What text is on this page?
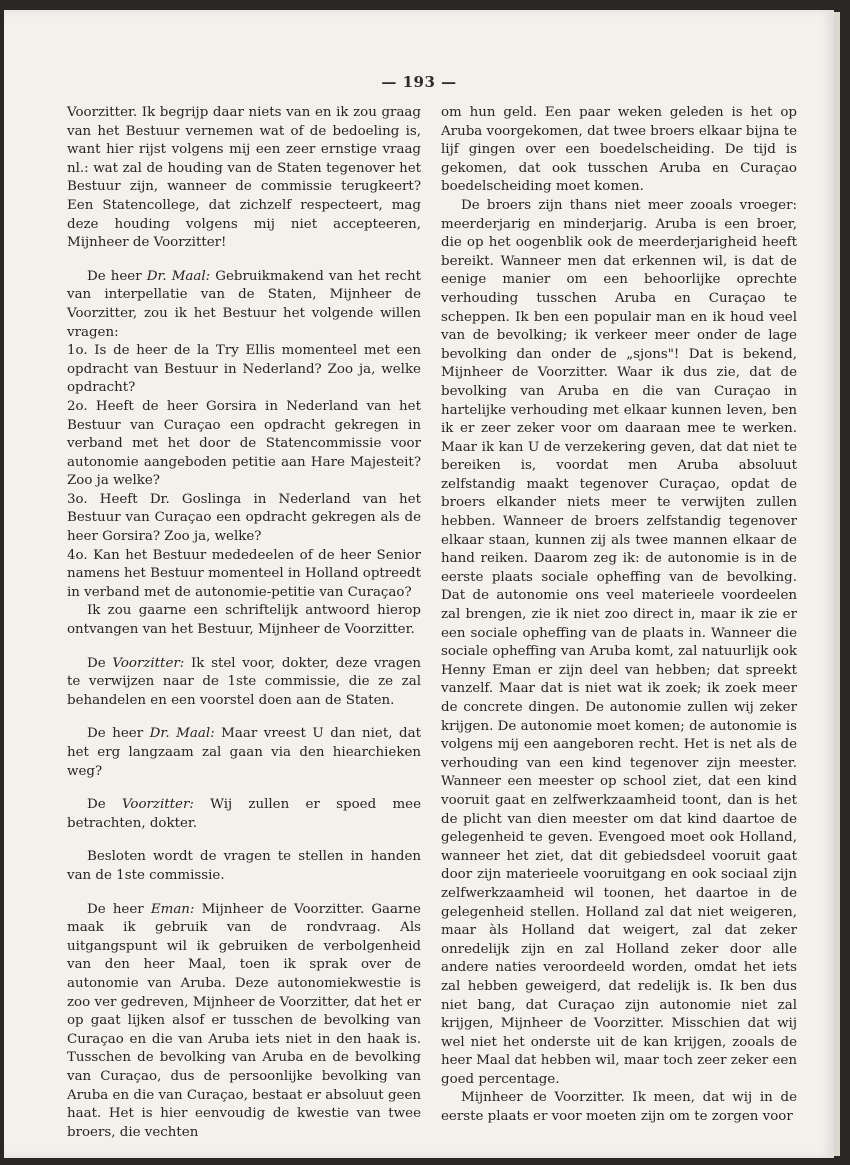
— 193 —

Voorzitter. Ik begrijp daar niets van en ik zou graag van het Bestuur vernemen wat of de bedoeling is, want hier rijst volgens mij een zeer ernstige vraag nl.: wat zal de houding van de Staten tegenover het Bestuur zijn, wanneer de commissie terugkeert? Een Statencollege, dat zichzelf respecteert, mag deze houding volgens mij niet accepteeren, Mijnheer de Voorzitter!

De heer Dr. Maal: Gebruikmakend van het recht van interpellatie van de Staten, Mijnheer de Voorzitter, zou ik het Bestuur het volgende willen vragen:

1o. Is de heer de la Try Ellis momenteel met een opdracht van Bestuur in Nederland? Zoo ja, welke opdracht?

2o. Heeft de heer Gorsira in Nederland van het Bestuur van Curaçao een opdracht gekregen in verband met het door de Statencommissie voor autonomie aangeboden petitie aan Hare Majesteit? Zoo ja welke?

3o. Heeft Dr. Goslinga in Nederland van het Bestuur van Curaçao een opdracht gekregen als de heer Gorsira? Zoo ja, welke?

4o. Kan het Bestuur mededeelen of de heer Senior namens het Bestuur momenteel in Holland optreedt in verband met de autonomie-petitie van Curaçao?

Ik zou gaarne een schriftelijk antwoord hierop ontvangen van het Bestuur, Mijnheer de Voorzitter.

De Voorzitter: Ik stel voor, dokter, deze vragen te verwijzen naar de 1ste commissie, die ze zal behandelen en een voorstel doen aan de Staten.

De heer Dr. Maal: Maar vreest U dan niet, dat het erg langzaam zal gaan via den hiearchieken weg?

De Voorzitter: Wij zullen er spoed mee betrachten, dokter.

Besloten wordt de vragen te stellen in handen van de 1ste commissie.

De heer Eman: Mijnheer de Voorzitter. Gaarne maak ik gebruik van de rondvraag. Als uitgangspunt wil ik gebruiken de verbolgenheid van den heer Maal, toen ik sprak over de autonomie van Aruba. Deze autonomiekwestie is zoo ver gedreven, Mijnheer de Voorzitter, dat het er op gaat lijken alsof er tusschen de bevolking van Curaçao en die van Aruba iets niet in den haak is. Tusschen de bevolking van Aruba en de bevolking van Curaçao, dus de persoonlijke bevolking van Aruba en die van Curaçao, bestaat er absoluut geen haat. Het is hier eenvoudig de kwestie van twee broers, die vechten

om hun geld. Een paar weken geleden is het op Aruba voorgekomen, dat twee broers elkaar bijna te lijf gingen over een boedelscheiding. De tijd is gekomen, dat ook tusschen Aruba en Curaçao boedelscheiding moet komen.

De broers zijn thans niet meer zooals vroeger: meerderjarig en minderjarig. Aruba is een broer, die op het oogenblik ook de meerderjarigheid heeft bereikt. Wanneer men dat erkennen wil, is dat de eenige manier om een behoorlijke oprechte verhouding tusschen Aruba en Curaçao te scheppen. Ik ben een populair man en ik houd veel van de bevolking; ik verkeer meer onder de lage bevolking dan onder de „sjons"! Dat is bekend, Mijnheer de Voorzitter. Waar ik dus zie, dat de bevolking van Aruba en die van Curaçao in hartelijke verhouding met elkaar kunnen leven, ben ik er zeer zeker voor om daaraan mee te werken. Maar ik kan U de verzekering geven, dat dat niet te bereiken is, voordat men Aruba absoluut zelfstandig maakt tegenover Curaçao, opdat de broers elkander niets meer te verwijten zullen hebben. Wanneer de broers zelfstandig tegenover elkaar staan, kunnen zij als twee mannen elkaar de hand reiken. Daarom zeg ik: de autonomie is in de eerste plaats sociale opheffing van de bevolking. Dat de autonomie ons veel materieele voordeelen zal brengen, zie ik niet zoo direct in, maar ik zie er een sociale opheffing van de plaats in. Wanneer die sociale opheffing van Aruba komt, zal natuurlijk ook Henny Eman er zijn deel van hebben; dat spreekt vanzelf. Maar dat is niet wat ik zoek; ik zoek meer de concrete dingen. De autonomie zullen wij zeker krijgen. De autonomie moet komen; de autonomie is volgens mij een aangeboren recht. Het is net als de verhouding van een kind tegenover zijn meester. Wanneer een meester op school ziet, dat een kind vooruit gaat en zelfwerkzaamheid toont, dan is het de plicht van dien meester om dat kind daartoe de gelegenheid te geven. Evengoed moet ook Holland, wanneer het ziet, dat dit gebiedsdeel vooruit gaat door zijn materieele vooruitgang en ook sociaal zijn zelfwerkzaamheid wil toonen, het daartoe in de gelegenheid stellen. Holland zal dat niet weigeren, maar àls Holland dat weigert, zal dat zeker onredelijk zijn en zal Holland zeker door alle andere naties veroordeeld worden, omdat het iets zal hebben geweigerd, dat redelijk is. Ik ben dus niet bang, dat Curaçao zijn autonomie niet zal krijgen, Mijnheer de Voorzitter. Misschien dat wij wel niet het onderste uit de kan krijgen, zooals de heer Maal dat hebben wil, maar toch zeer zeker een goed percentage.

Mijnheer de Voorzitter. Ik meen, dat wij in de eerste plaats er voor moeten zijn om te zorgen voor
